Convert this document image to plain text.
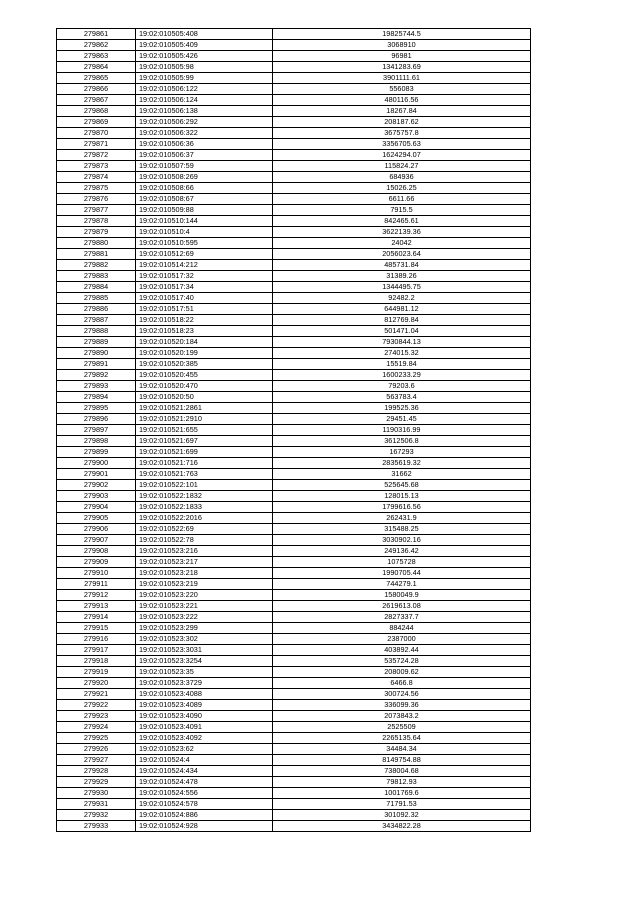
279861	19:02:010505:408	19825744.5
279862	19:02:010505:409	3068910
279863	19:02:010505:426	96981
279864	19:02:010505:98	1341283.69
279865	19:02:010505:99	3901111.61
279866	19:02:010506:122	556083
279867	19:02:010506:124	480116.56
279868	19:02:010506:138	18267.84
279869	19:02:010506:292	208187.62
279870	19:02:010506:322	3675757.8
279871	19:02:010506:36	3356705.63
279872	19:02:010506:37	1624294.07
279873	19:02:010507:59	115824.27
279874	19:02:010508:269	684936
279875	19:02:010508:66	15026.25
279876	19:02:010508:67	6611.66
279877	19:02:010509:88	7915.5
279878	19:02:010510:144	842465.61
279879	19:02:010510:4	3622139.36
279880	19:02:010510:595	24042
279881	19:02:010512:69	2056023.64
279882	19:02:010514:212	485731.84
279883	19:02:010517:32	31389.26
279884	19:02:010517:34	1344495.75
279885	19:02:010517:40	92482.2
279886	19:02:010517:51	644981.12
279887	19:02:010518:22	812769.84
279888	19:02:010518:23	501471.04
279889	19:02:010520:184	7930844.13
279890	19:02:010520:199	274015.32
279891	19:02:010520:385	15519.84
279892	19:02:010520:455	1600233.29
279893	19:02:010520:470	79203.6
279894	19:02:010520:50	563783.4
279895	19:02:010521:2861	199525.36
279896	19:02:010521:2910	29451.45
279897	19:02:010521:655	1190316.99
279898	19:02:010521:697	3612506.8
279899	19:02:010521:699	167293
279900	19:02:010521:716	2835619.32
279901	19:02:010521:763	31662
279902	19:02:010522:101	525645.68
279903	19:02:010522:1832	128015.13
279904	19:02:010522:1833	1799616.56
279905	19:02:010522:2016	262431.9
279906	19:02:010522:69	315488.25
279907	19:02:010522:78	3030902.16
279908	19:02:010523:216	249136.42
279909	19:02:010523:217	1075728
279910	19:02:010523:218	1990705.44
279911	19:02:010523:219	744279.1
279912	19:02:010523:220	1580049.9
279913	19:02:010523:221	2619613.08
279914	19:02:010523:222	2827337.7
279915	19:02:010523:299	884244
279916	19:02:010523:302	2387000
279917	19:02:010523:3031	403892.44
279918	19:02:010523:3254	535724.28
279919	19:02:010523:35	208009.62
279920	19:02:010523:3729	6466.8
279921	19:02:010523:4088	300724.56
279922	19:02:010523:4089	336099.36
279923	19:02:010523:4090	2073843.2
279924	19:02:010523:4091	2525509
279925	19:02:010523:4092	2265135.64
279926	19:02:010523:62	34484.34
279927	19:02:010524:4	8149754.88
279928	19:02:010524:434	738004.68
279929	19:02:010524:478	79812.93
279930	19:02:010524:556	1001769.6
279931	19:02:010524:578	71791.53
279932	19:02:010524:886	301092.32
279933	19:02:010524:928	3434822.28
